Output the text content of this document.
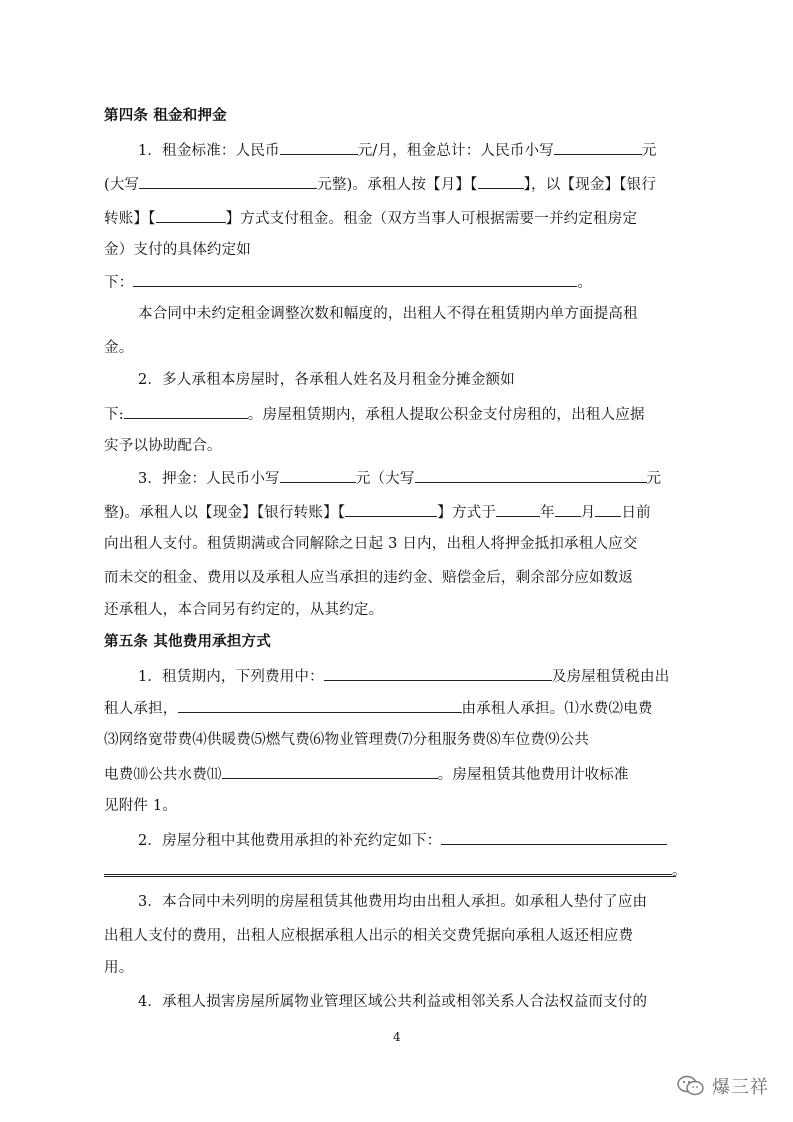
第四条 租金和押金
1．租金标准：人民币	元/月，租金总计：人民币小写	元
(大写	元整)。承租人按【月】【	】，以【现金】【银行
转账】【	】方式支付租金。租金（双方当事人可根据需要一并约定租房定
金）支付的具体约定如
下：	。
本合同中未约定租金调整次数和幅度的，出租人不得在租赁期内单方面提高租
金。
2．多人承租本房屋时，各承租人姓名及月租金分摊金额如
下:	。房屋租赁期内，承租人提取公积金支付房租的，出租人应据
实予以协助配合。
3．押金：人民币小写	元（大写	元
整)。承租人以【现金】【银行转账】【	】方式于	年 月 日前
向出租人支付。租赁期满或合同解除之日起 3 日内，出租人将押金抵扣承租人应交
而未交的租金、费用以及承租人应当承担的违约金、赔偿金后，剩余部分应如数返
还承租人，本合同另有约定的，从其约定。
第五条 其他费用承担方式
1．租赁期内，下列费用中：	及房屋租赁税由出
租人承担，	由承租人承担。⑴水费⑵电费
⑶网络宽带费⑷供暖费⑸燃气费⑹物业管理费⑺分租服务费⑻车位费⑼公共
电费⑽公共水费⑾	。房屋租赁其他费用计收标准
见附件 1。
2．房屋分租中其他费用承担的补充约定如下：
。
3．本合同中未列明的房屋租赁其他费用均由出租人承担。如承租人垫付了应由
出租人支付的费用，出租人应根据承租人出示的相关交费凭据向承租人返还相应费
用。
4．承租人损害房屋所属物业管理区域公共利益或相邻关系人合法权益而支付的
4
爆三祥
